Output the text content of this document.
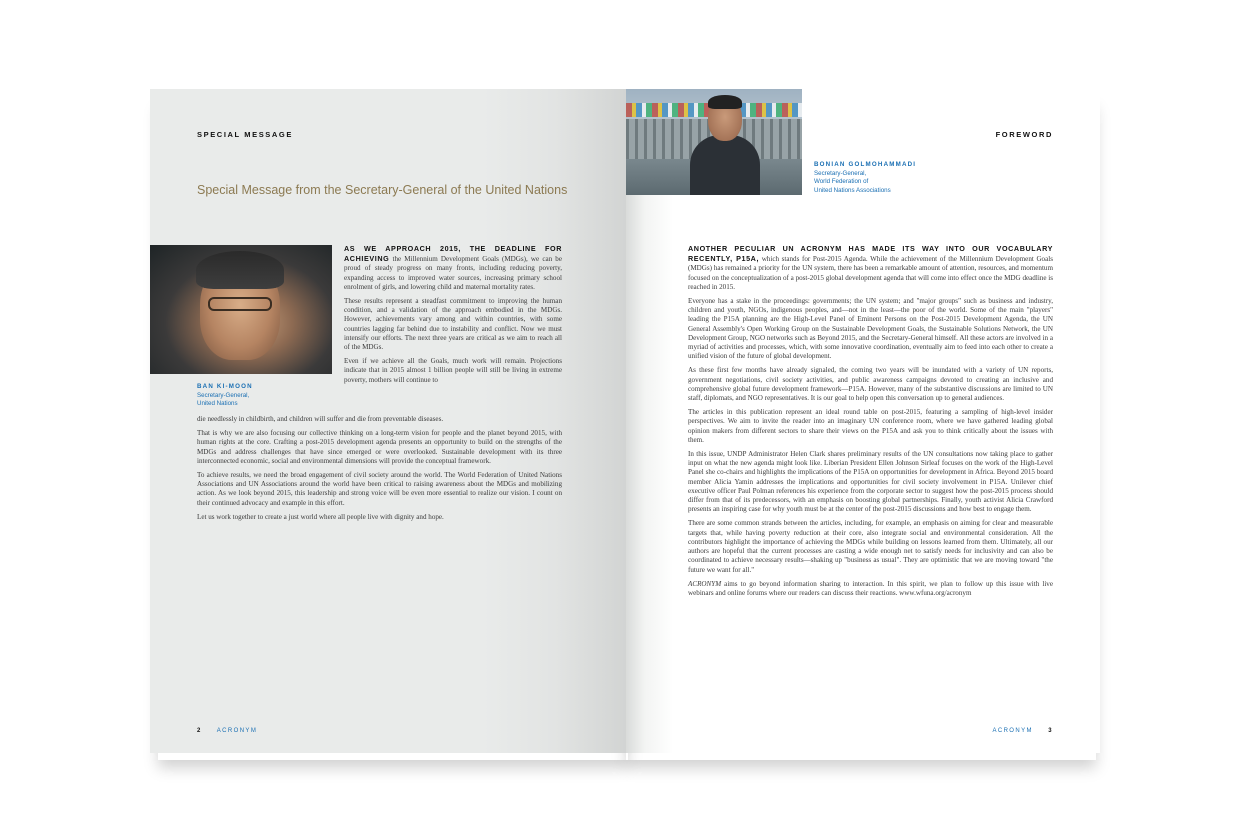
SPECIAL MESSAGE
Special Message from the Secretary-General of the United Nations
BAN KI-MOON
Secretary-General,
United Nations

AS WE APPROACH 2015, THE DEADLINE FOR ACHIEVING the Millennium Development Goals (MDGs), we can be proud of steady progress on many fronts, including reducing poverty, expanding access to improved water sources, increasing primary school enrolment of girls, and lowering child and maternal mortality rates.

These results represent a steadfast commitment to improving the human condition, and a validation of the approach embodied in the MDGs. However, achievements vary among and within countries, with some countries lagging far behind due to instability and conflict. Now we must intensify our efforts. The next three years are critical as we aim to reach all of the MDGs.

Even if we achieve all the Goals, much work will remain. Projections indicate that in 2015 almost 1 billion people will still be living in extreme poverty, mothers will continue to

die needlessly in childbirth, and children will suffer and die from preventable diseases.

That is why we are also focusing our collective thinking on a long-term vision for people and the planet beyond 2015, with human rights at the core. Crafting a post-2015 development agenda presents an opportunity to build on the strengths of the MDGs and address challenges that have since emerged or were overlooked. Sustainable development with its three interconnected economic, social and environmental dimensions will provide the conceptual framework.

To achieve results, we need the broad engagement of civil society around the world. The World Federation of United Nations Associations and UN Associations around the world have been critical to raising awareness about the MDGs and mobilizing action. As we look beyond 2015, this leadership and strong voice will be even more essential to realize our vision. I count on their continued advocacy and example in this effort.

Let us work together to create a just world where all people live with dignity and hope.

2	ACRONYM
FOREWORD
BONIAN GOLMOHAMMADI
Secretary-General,
World Federation of
United Nations Associations

ANOTHER PECULIAR UN ACRONYM HAS MADE ITS WAY INTO OUR VOCABULARY RECENTLY, P15A, which stands for Post-2015 Agenda. While the achievement of the Millennium Development Goals (MDGs) has remained a priority for the UN system, there has been a remarkable amount of attention, resources, and momentum focused on the conceptualization of a post-2015 global development agenda that will come into effect once the MDG deadline is reached in 2015.

Everyone has a stake in the proceedings: governments; the UN system; and "major groups" such as business and industry, children and youth, NGOs, indigenous peoples, and—not in the least—the poor of the world. Some of the main "players" leading the P15A planning are the High-Level Panel of Eminent Persons on the Post-2015 Development Agenda, the UN General Assembly's Open Working Group on the Sustainable Development Goals, the Sustainable Solutions Network, the UN Development Group, NGO networks such as Beyond 2015, and the Secretary-General himself. All these actors are involved in a myriad of activities and processes, which, with some innovative coordination, eventually aim to feed into each other to create a unified vision of the future of global development.

As these first few months have already signaled, the coming two years will be inundated with a variety of UN reports, government negotiations, civil society activities, and public awareness campaigns devoted to creating an inclusive and comprehensive global future development framework—P15A. However, many of the substantive discussions are limited to UN staff, diplomats, and NGO representatives. It is our goal to help open this conversation up to general audiences.

The articles in this publication represent an ideal round table on post-2015, featuring a sampling of high-level insider perspectives. We aim to invite the reader into an imaginary UN conference room, where we have gathered leading global opinion makers from different sectors to share their views on the P15A and ask you to think critically about the issues with them.

In this issue, UNDP Administrator Helen Clark shares preliminary results of the UN consultations now taking place to gather input on what the new agenda might look like. Liberian President Ellen Johnson Sirleaf focuses on the work of the High-Level Panel she co-chairs and highlights the implications of the P15A on opportunities for development in Africa. Beyond 2015 board member Alicia Yamin addresses the implications and opportunities for civil society involvement in P15A. Unilever chief executive officer Paul Polman references his experience from the corporate sector to suggest how the post-2015 process should differ from that of its predecessors, with an emphasis on boosting global partnerships. Finally, youth activist Alicia Crawford presents an inspiring case for why youth must be at the center of the post-2015 discussions and how best to engage them.

There are some common strands between the articles, including, for example, an emphasis on aiming for clear and measurable targets that, while having poverty reduction at their core, also integrate social and environmental consideration. All the contributors highlight the importance of achieving the MDGs while building on lessons learned from them. Ultimately, all our authors are hopeful that the current processes are casting a wide enough net to satisfy needs for inclusivity and can also be coordinated to achieve necessary results—shaking up "business as usual". They are optimistic that we are moving toward "the future we want for all."

ACRONYM aims to go beyond information sharing to interaction. In this spirit, we plan to follow up this issue with live webinars and online forums where our readers can discuss their reactions. www.wfuna.org/acronym

ACRONYM	3
